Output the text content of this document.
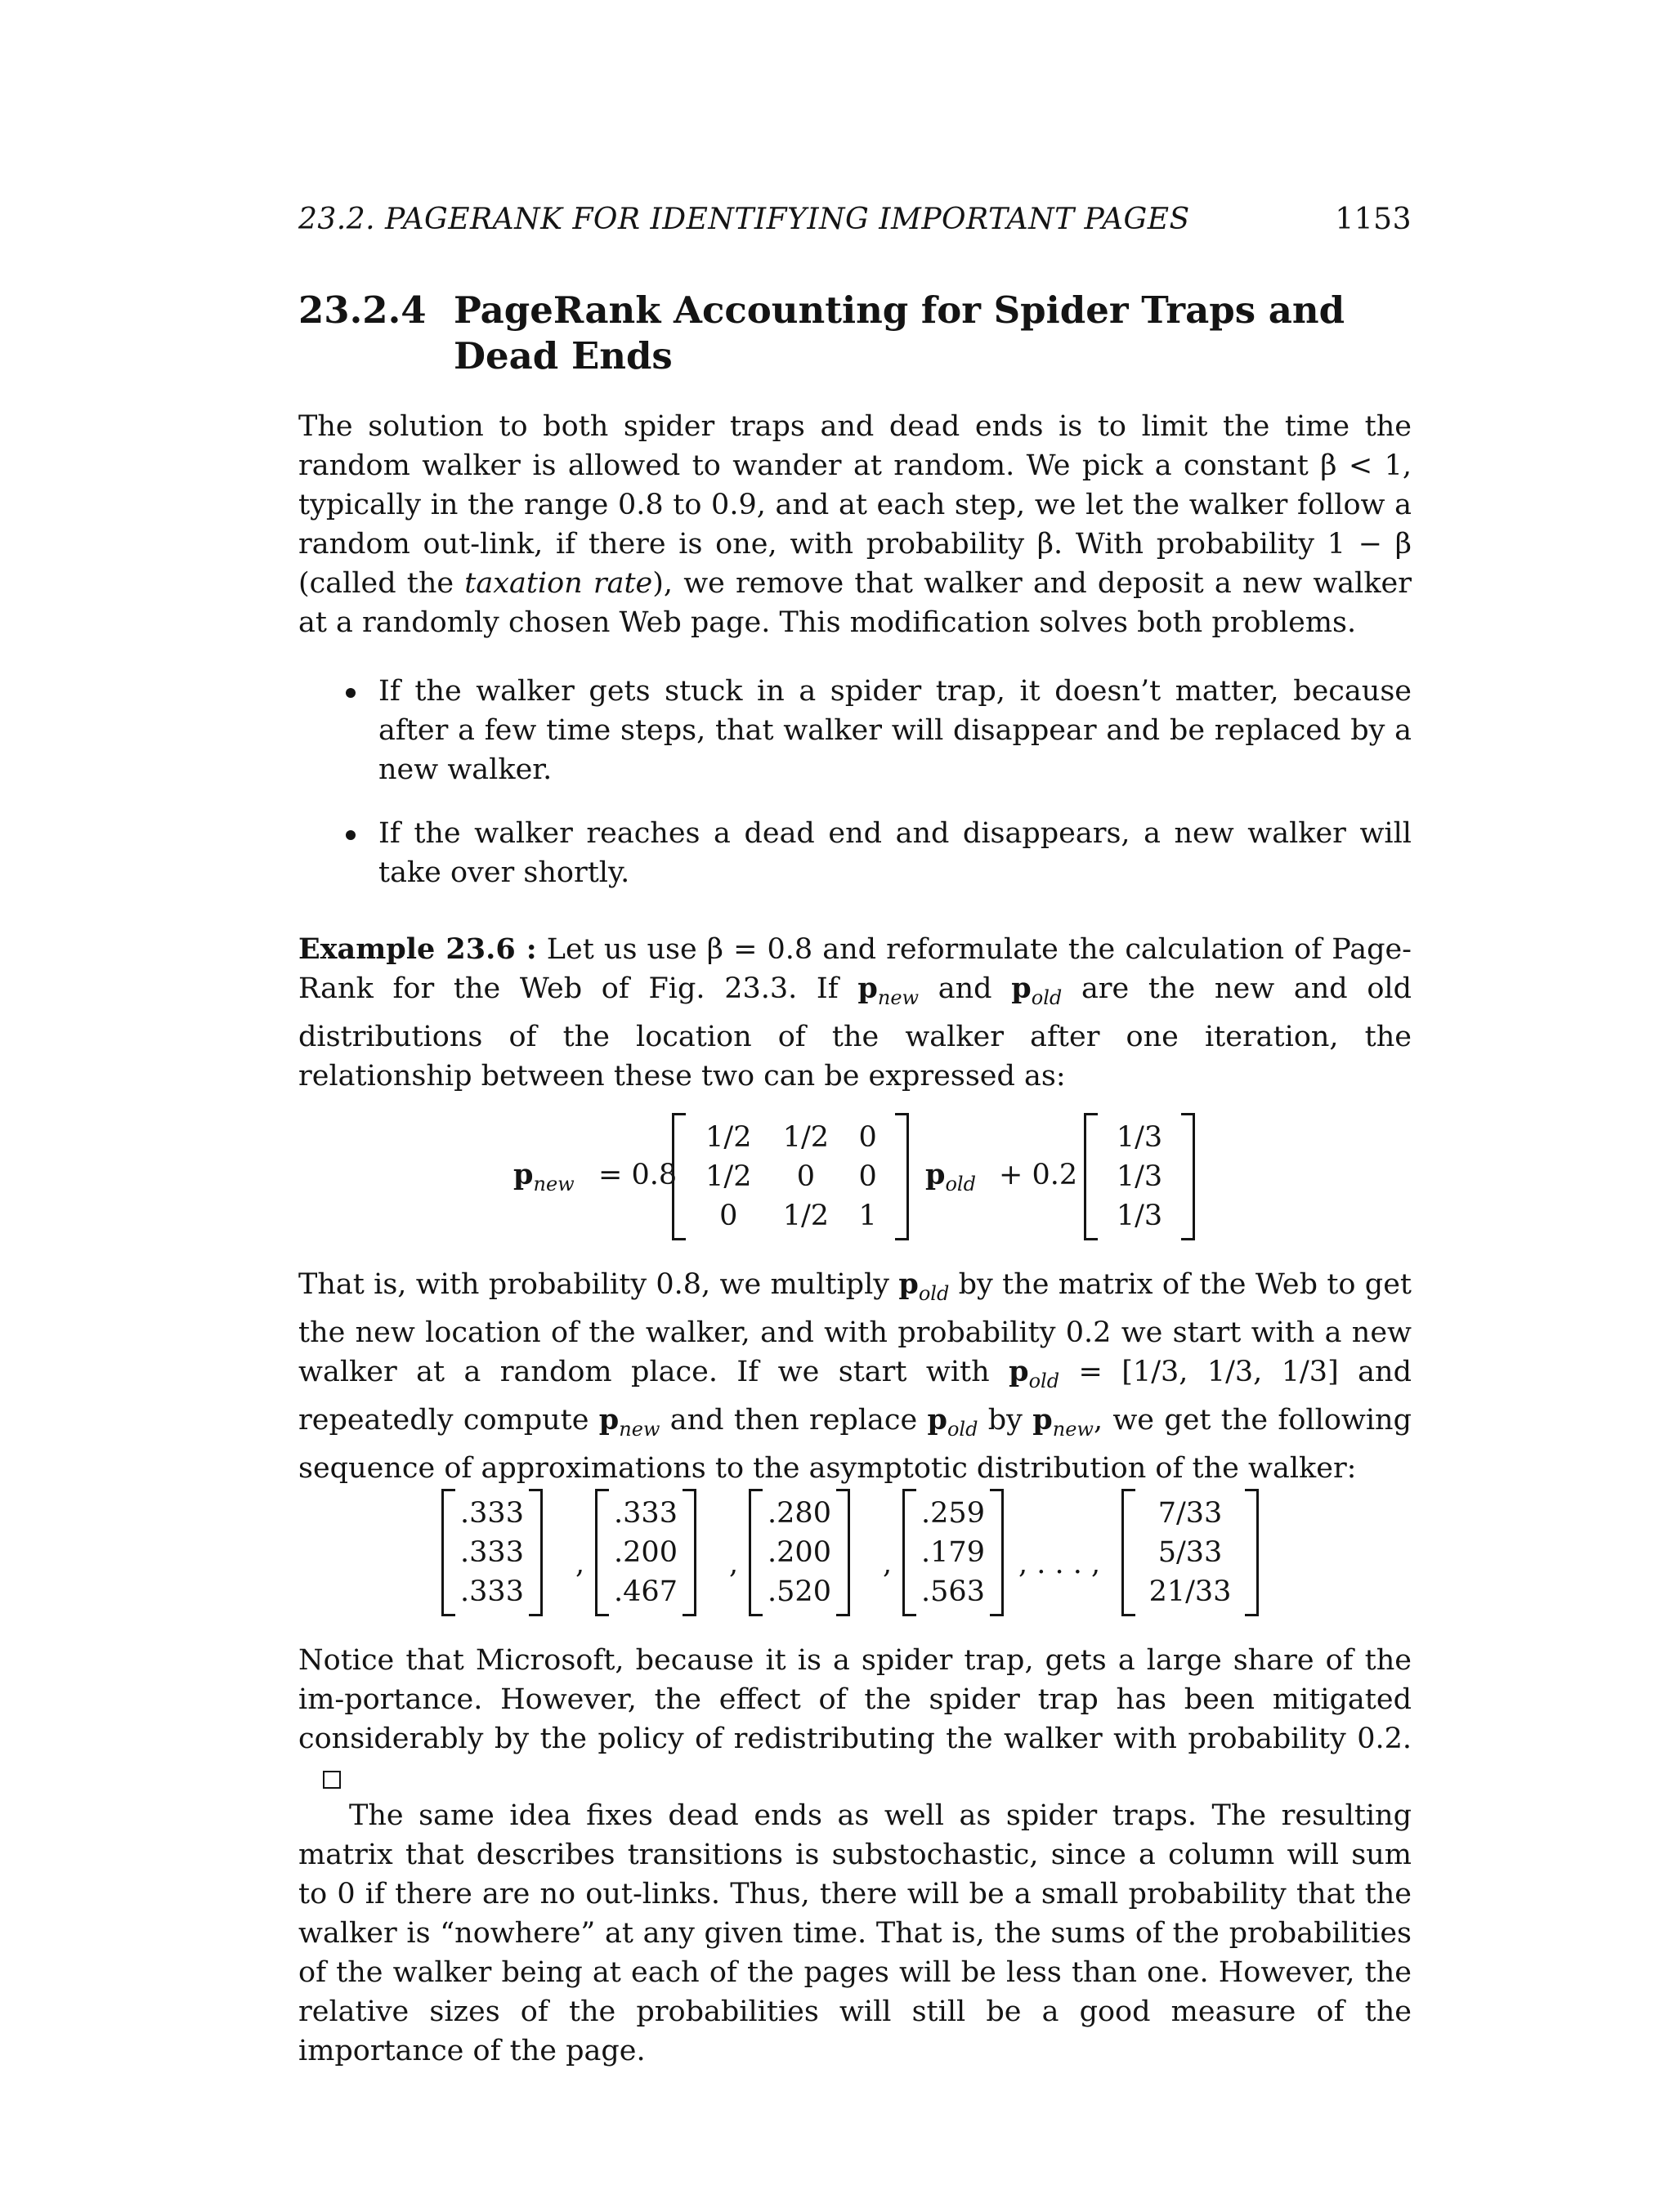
23.2. PAGERANK FOR IDENTIFYING IMPORTANT PAGES	1153
23.2.4 PageRank Accounting for Spider Traps and Dead Ends

The solution to both spider traps and dead ends is to limit the time the random walker is allowed to wander at random. We pick a constant β < 1, typically in the range 0.8 to 0.9, and at each step, we let the walker follow a random out-link, if there is one, with probability β. With probability 1 − β (called the taxation rate), we remove that walker and deposit a new walker at a randomly chosen Web page. This modification solves both problems.

If the walker gets stuck in a spider trap, it doesn’t matter, because after a few time steps, that walker will disappear and be replaced by a new walker.
If the walker reaches a dead end and disappears, a new walker will take over shortly.

Example 23.6 : Let us use β = 0.8 and reformulate the calculation of Page-Rank for the Web of Fig. 23.3. If $p_{new}$ and $p_{old}$ are the new and old distributions of the location of the walker after one iteration, the relationship between these two can be expressed as:

$p_{new} = 0.8$
1/2	1/2	0
1/2	0	0
0	1/2	1
$p_{old} + 0.2$
1/3
1/3
1/3

That is, with probability 0.8, we multiply $p_{old}$ by the matrix of the Web to get the new location of the walker, and with probability 0.2 we start with a new walker at a random place. If we start with $p_{old} = [1/3$, 1/3, 1/3] and repeatedly compute $p_{new}$ and then replace $p_{old}$ by $p_{new}$, we get the following sequence of approximations to the asymptotic distribution of the walker:

.333
.333
.333
,
.333
.200
.467
,
.280
.200
.520
,
.259
.179
.563
, . . . ,
7/33
5/33
21/33

Notice that Microsoft, because it is a spider trap, gets a large share of the im-portance. However, the effect of the spider trap has been mitigated considerably by the policy of redistributing the walker with probability 0.2.

The same idea fixes dead ends as well as spider traps. The resulting matrix that describes transitions is substochastic, since a column will sum to 0 if there are no out-links. Thus, there will be a small probability that the walker is “nowhere” at any given time. That is, the sums of the probabilities of the walker being at each of the pages will be less than one. However, the relative sizes of the probabilities will still be a good measure of the importance of the page.
